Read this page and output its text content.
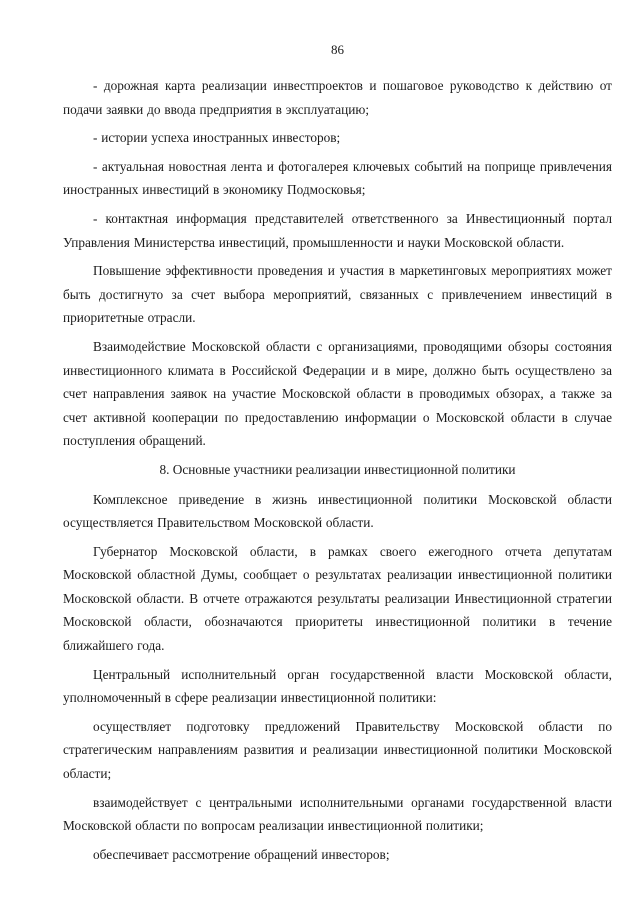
86

- дорожная карта реализации инвестпроектов и пошаговое руководство к действию от подачи заявки до ввода предприятия в эксплуатацию;

- истории успеха иностранных инвесторов;

- актуальная новостная лента и фотогалерея ключевых событий на поприще привлечения иностранных инвестиций в экономику Подмосковья;

- контактная информация представителей ответственного за Инвестиционный портал Управления Министерства инвестиций, промышленности и науки Московской области.

Повышение эффективности проведения и участия в маркетинговых мероприятиях может быть достигнуто за счет выбора мероприятий, связанных с привлечением инвестиций в приоритетные отрасли.

Взаимодействие Московской области с организациями, проводящими обзоры состояния инвестиционного климата в Российской Федерации и в мире, должно быть осуществлено за счет направления заявок на участие Московской области в проводимых обзорах, а также за счет активной кооперации по предоставлению информации о Московской области в случае поступления обращений.

8. Основные участники реализации инвестиционной политики

Комплексное приведение в жизнь инвестиционной политики Московской области осуществляется Правительством Московской области.

Губернатор Московской области, в рамках своего ежегодного отчета депутатам Московской областной Думы, сообщает о результатах реализации инвестиционной политики Московской области. В отчете отражаются результаты реализации Инвестиционной стратегии Московской области, обозначаются приоритеты инвестиционной политики в течение ближайшего года.

Центральный исполнительный орган государственной власти Московской области, уполномоченный в сфере реализации инвестиционной политики:

осуществляет подготовку предложений Правительству Московской области по стратегическим направлениям развития и реализации инвестиционной политики Московской области;

взаимодействует с центральными исполнительными органами государственной власти Московской области по вопросам реализации инвестиционной политики;

обеспечивает рассмотрение обращений инвесторов;
